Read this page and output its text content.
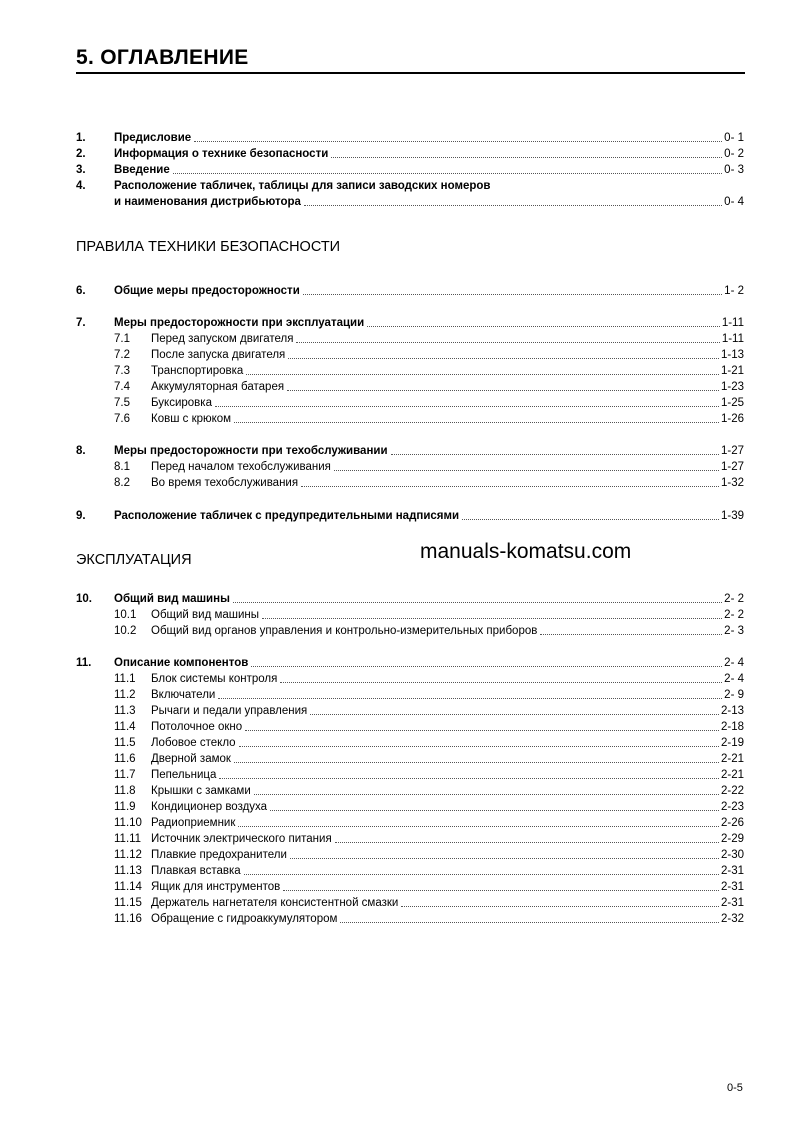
5. ОГЛАВЛЕНИЕ
ПРАВИЛА ТЕХНИКИ БЕЗОПАСНОСТИ
ЭКСПЛУАТАЦИЯ
1.	Предисловие	0- 1
2.	Информация о технике безопасности	0- 2
3.	Введение	0- 3
4.	Расположение табличек, таблицы для записи заводских номеров
и наименования дистрибьютора	0- 4
6.	Общие меры предосторожности	1- 2
7.	Меры предосторожности при эксплуатации	1-11
7.1	Перед запуском двигателя	1-11
7.2	После запуска двигателя	1-13
7.3	Транспортировка	1-21
7.4	Аккумуляторная батарея	1-23
7.5	Буксировка	1-25
7.6	Ковш с крюком	1-26
8.	Меры предосторожности при техобслуживании	1-27
8.1	Перед началом техобслуживания	1-27
8.2	Во время техобслуживания	1-32
9.	Расположение табличек с предупредительными надписями	1-39
10.	Общий вид машины	2- 2
10.1	Общий вид машины	2- 2
10.2	Общий вид органов управления и контрольно-измерительных приборов	2- 3
11.	Описание компонентов	2- 4
11.1	Блок системы контроля	2- 4
11.2	Включатели	2- 9
11.3	Рычаги и педали управления	2-13
11.4	Потолочное окно	2-18
11.5	Лобовое стекло	2-19
11.6	Дверной замок	2-21
11.7	Пепельница	2-21
11.8	Крышки с замками	2-22
11.9	Кондиционер воздуха	2-23
11.10 Радиоприемник	2-26
11.11 Источник электрического питания	2-29
11.12 Плавкие предохранители	2-30
11.13 Плавкая вставка	2-31
11.14 Ящик для инструментов	2-31
11.15 Держатель нагнетателя консистентной смазки	2-31
11.16 Обращение с гидроаккумулятором	2-32
manuals-komatsu.com
0-5
